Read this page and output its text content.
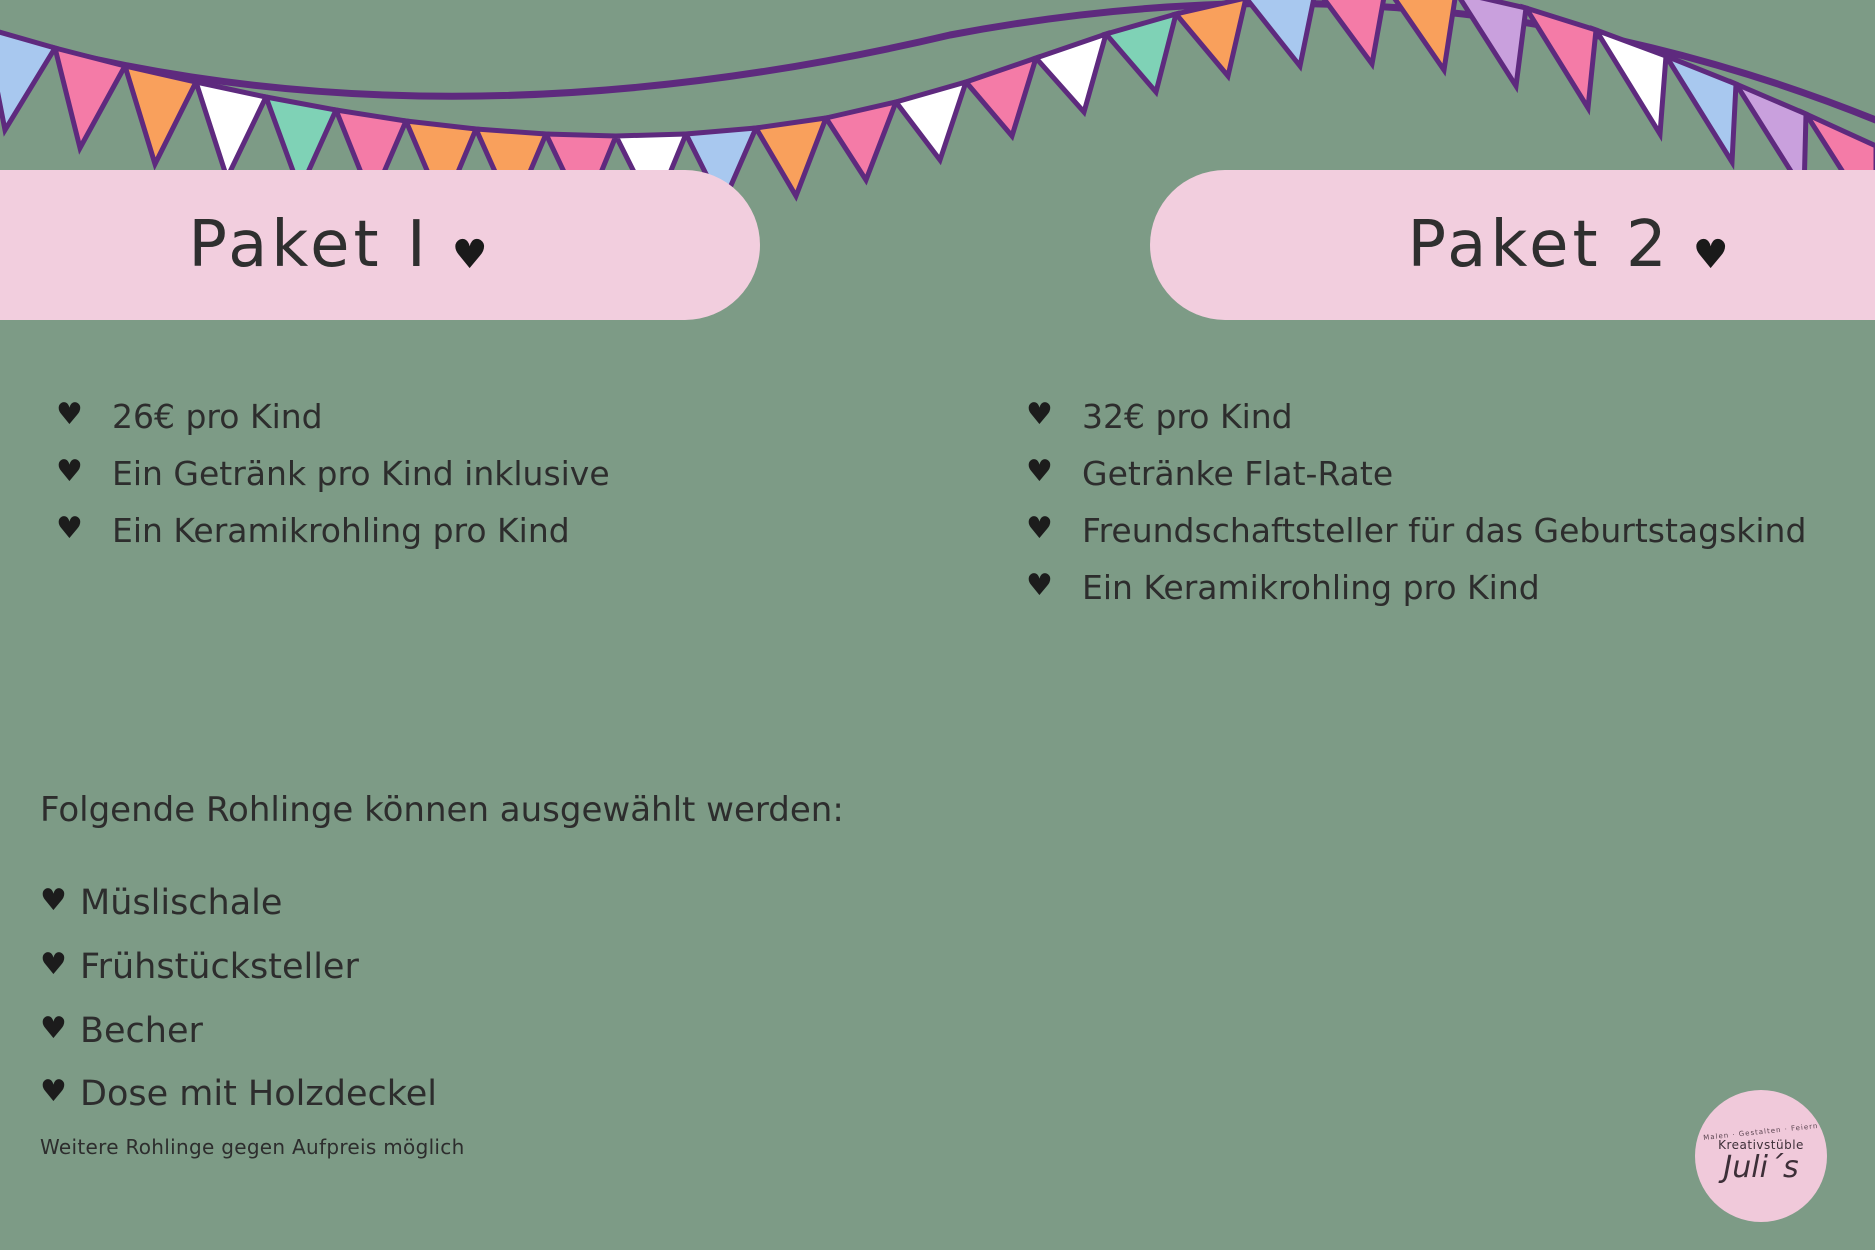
Paket I ♥	Paket 2 ♥
♥ 26€ pro Kind
♥ Ein Getränk pro Kind inklusive
♥ Ein Keramikrohling pro Kind
♥ 32€ pro Kind
♥ Getränke Flat-Rate
♥ Freundschaftsteller für das Geburtstagskind
♥ Ein Keramikrohling pro Kind

Folgende Rohlinge können ausgewählt werden:

♥ Müslischale
♥ Frühstücksteller
♥ Becher
♥ Dose mit Holzdeckel
Weitere Rohlinge gegen Aufpreis möglich
Malen · Gestalten · Feiern
Kreativstüble
Juli´s
